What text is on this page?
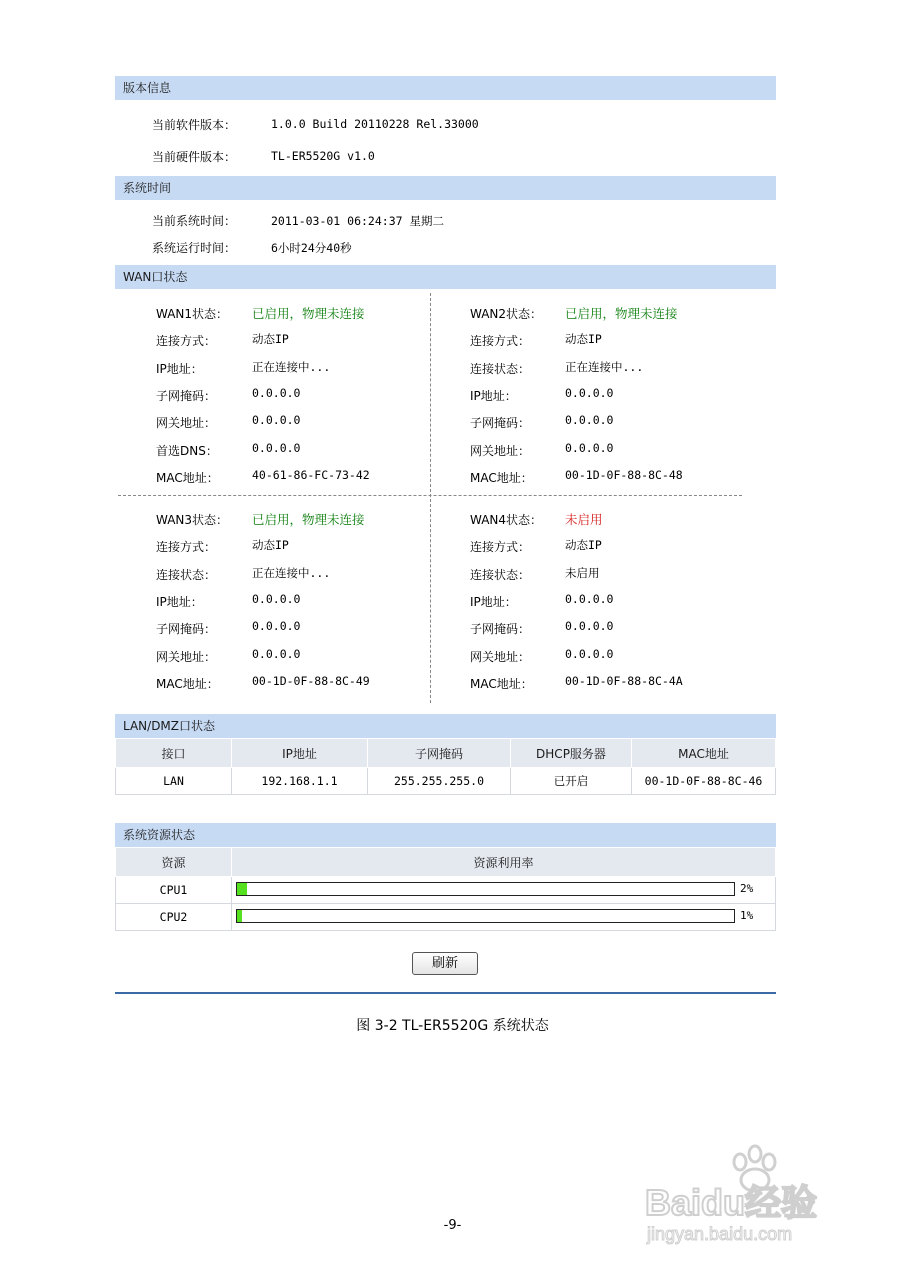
版本信息
当前软件版本：	1.0.0 Build 20110228 Rel.33000
当前硬件版本：	TL-ER5520G v1.0
系统时间
当前系统时间：	2011-03-01 06:24:37 星期二
系统运行时间：	6小时24分40秒
WAN口状态
WAN1状态： 已启用，物理未连接
连接方式：	动态IP
IP地址：	正在连接中...
子网掩码：	0.0.0.0
网关地址：	0.0.0.0
首选DNS：	0.0.0.0
MAC地址：	40-61-86-FC-73-42
WAN2状态： 已启用，物理未连接
连接方式：	动态IP
连接状态：	正在连接中...
IP地址：	0.0.0.0
子网掩码：	0.0.0.0
网关地址：	0.0.0.0
MAC地址：	00-1D-0F-88-8C-48
WAN3状态： 已启用，物理未连接
连接方式：	动态IP
连接状态：	正在连接中...
IP地址：	0.0.0.0
子网掩码：	0.0.0.0
网关地址：	0.0.0.0
MAC地址：	00-1D-0F-88-8C-49
WAN4状态： 未启用
连接方式：	动态IP
连接状态：	未启用
IP地址：	0.0.0.0
子网掩码：	0.0.0.0
网关地址：	0.0.0.0
MAC地址：	00-1D-0F-88-8C-4A
LAN/DMZ口状态
接口	IP地址	子网掩码	DHCP服务器	MAC地址
LAN	192.168.1.1	255.255.255.0	已开启	00-1D-0F-88-8C-46
系统资源状态
资源	资源利用率
CPU1	2%

CPU2	1%
刷新
图 3-2 TL-ER5520G 系统状态
-9-
Baidu经验
jingyan.baidu.com
